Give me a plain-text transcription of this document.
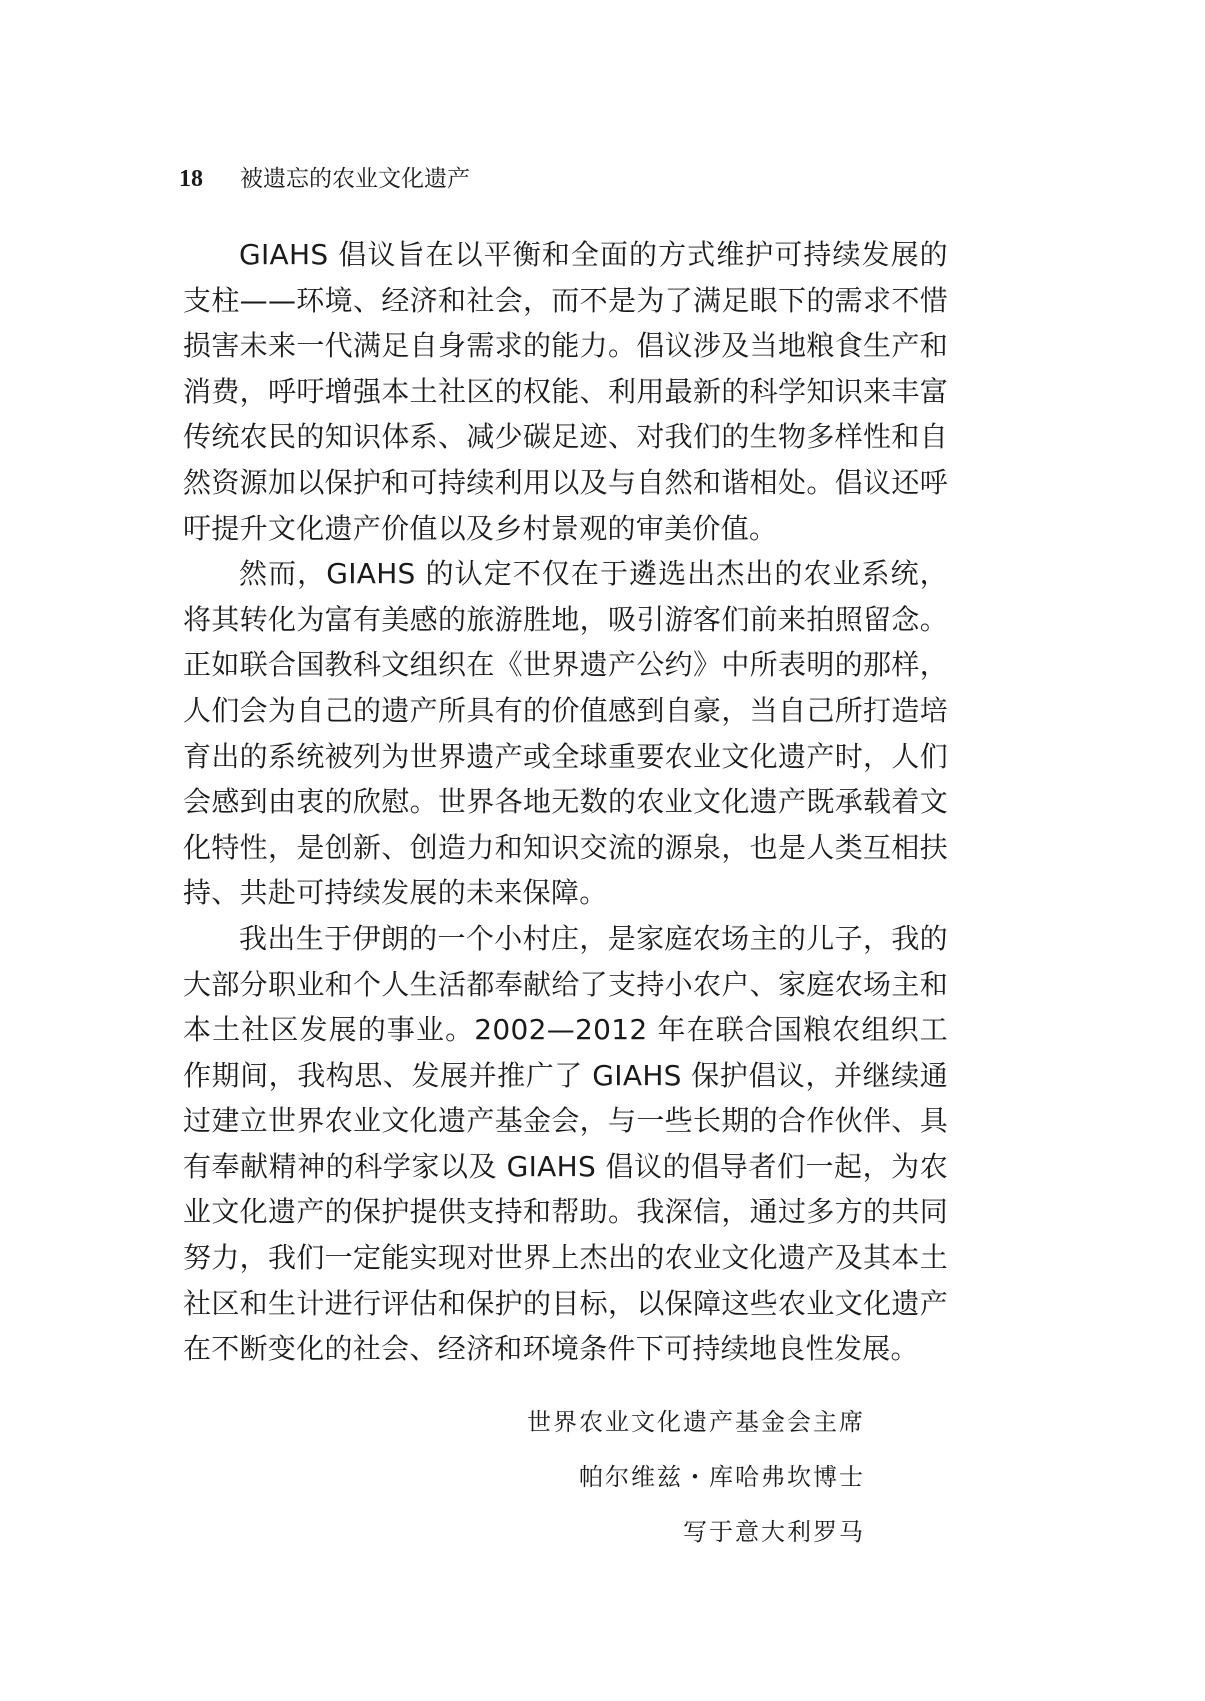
18 被遗忘的农业文化遗产

GIAHS 倡议旨在以平衡和全面的方式维护可持续发展的支柱——环境、经济和社会，而不是为了满足眼下的需求不惜损害未来一代满足自身需求的能力。倡议涉及当地粮食生产和消费，呼吁增强本土社区的权能、利用最新的科学知识来丰富传统农民的知识体系、减少碳足迹、对我们的生物多样性和自然资源加以保护和可持续利用以及与自然和谐相处。倡议还呼吁提升文化遗产价值以及乡村景观的审美价值。

然而，GIAHS 的认定不仅在于遴选出杰出的农业系统，将其转化为富有美感的旅游胜地，吸引游客们前来拍照留念。正如联合国教科文组织在《世界遗产公约》中所表明的那样，人们会为自己的遗产所具有的价值感到自豪，当自己所打造培育出的系统被列为世界遗产或全球重要农业文化遗产时，人们会感到由衷的欣慰。世界各地无数的农业文化遗产既承载着文化特性，是创新、创造力和知识交流的源泉，也是人类互相扶持、共赴可持续发展的未来保障。

我出生于伊朗的一个小村庄，是家庭农场主的儿子，我的大部分职业和个人生活都奉献给了支持小农户、家庭农场主和本土社区发展的事业。2002—2012 年在联合国粮农组织工作期间，我构思、发展并推广了 GIAHS 保护倡议，并继续通过建立世界农业文化遗产基金会，与一些长期的合作伙伴、具有奉献精神的科学家以及 GIAHS 倡议的倡导者们一起，为农业文化遗产的保护提供支持和帮助。我深信，通过多方的共同努力，我们一定能实现对世界上杰出的农业文化遗产及其本土社区和生计进行评估和保护的目标，以保障这些农业文化遗产在不断变化的社会、经济和环境条件下可持续地良性发展。

世界农业文化遗产基金会主席
帕尔维兹・库哈弗坎博士
写于意大利罗马
